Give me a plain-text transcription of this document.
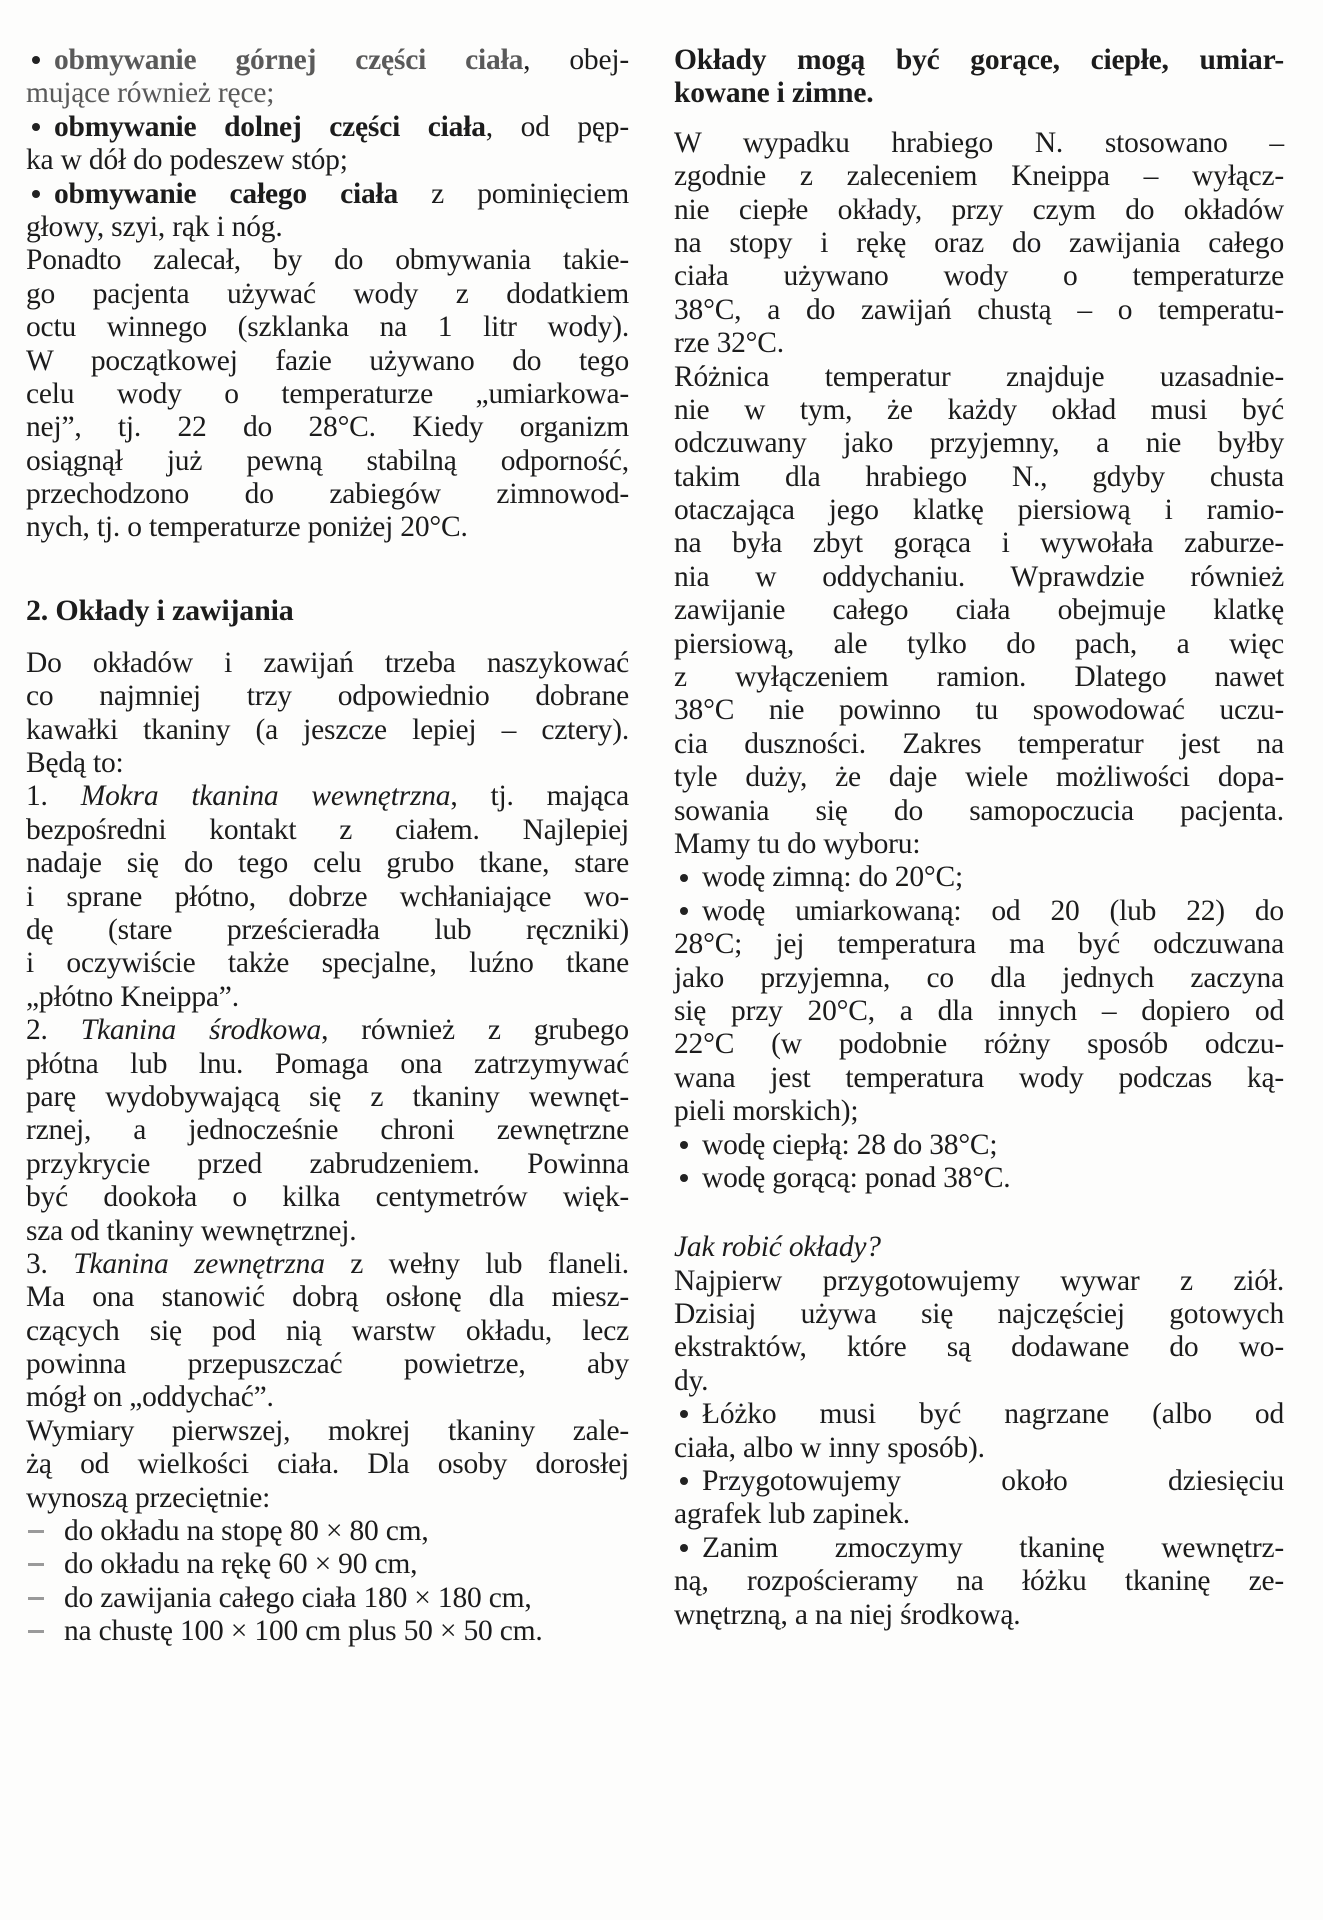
obmywanie górnej części ciała, obej-
mujące również ręce;
obmywanie dolnej części ciała, od pęp-
ka w dół do podeszew stóp;
obmywanie całego ciała z pominięciem
głowy, szyi, rąk i nóg.
Ponadto zalecał, by do obmywania takie-
go pacjenta używać wody z dodatkiem
octu winnego (szklanka na 1 litr wody).
W początkowej fazie używano do tego
celu wody o temperaturze „umiarkowa-
nej”, tj. 22 do 28°C. Kiedy organizm
osiągnął już pewną stabilną odporność,
przechodzono do zabiegów zimnowod-
nych, tj. o temperaturze poniżej 20°C.
2. Okłady i zawijania
Do okładów i zawijań trzeba naszykować
co najmniej trzy odpowiednio dobrane
kawałki tkaniny (a jeszcze lepiej – cztery).
Będą to:
1. Mokra tkanina wewnętrzna, tj. mająca
bezpośredni kontakt z ciałem. Najlepiej
nadaje się do tego celu grubo tkane, stare
i sprane płótno, dobrze wchłaniające wo-
dę (stare prześcieradła lub ręczniki)
i oczywiście także specjalne, luźno tkane
„płótno Kneippa”.
2. Tkanina środkowa, również z grubego
płótna lub lnu. Pomaga ona zatrzymywać
parę wydobywającą się z tkaniny wewnęt-
rznej, a jednocześnie chroni zewnętrzne
przykrycie przed zabrudzeniem. Powinna
być dookoła o kilka centymetrów więk-
sza od tkaniny wewnętrznej.
3. Tkanina zewnętrzna z wełny lub flaneli.
Ma ona stanowić dobrą osłonę dla miesz-
czących się pod nią warstw okładu, lecz
powinna przepuszczać powietrze, aby
mógł on „oddychać”.
Wymiary pierwszej, mokrej tkaniny zale-
żą od wielkości ciała. Dla osoby dorosłej
wynoszą przeciętnie:
do okładu na stopę 80 × 80 cm,
do okładu na rękę 60 × 90 cm,
do zawijania całego ciała 180 × 180 cm,
na chustę 100 × 100 cm plus 50 × 50 cm.
Okłady mogą być gorące, ciepłe, umiar-
kowane i zimne.
W wypadku hrabiego N. stosowano –
zgodnie z zaleceniem Kneippa – wyłącz-
nie ciepłe okłady, przy czym do okładów
na stopy i rękę oraz do zawijania całego
ciała używano wody o temperaturze
38°C, a do zawijań chustą – o temperatu-
rze 32°C.
Różnica temperatur znajduje uzasadnie-
nie w tym, że każdy okład musi być
odczuwany jako przyjemny, a nie byłby
takim dla hrabiego N., gdyby chusta
otaczająca jego klatkę piersiową i ramio-
na była zbyt gorąca i wywołała zaburze-
nia w oddychaniu. Wprawdzie również
zawijanie całego ciała obejmuje klatkę
piersiową, ale tylko do pach, a więc
z wyłączeniem ramion. Dlatego nawet
38°C nie powinno tu spowodować uczu-
cia duszności. Zakres temperatur jest na
tyle duży, że daje wiele możliwości dopa-
sowania się do samopoczucia pacjenta.
Mamy tu do wyboru:
wodę zimną: do 20°C;
wodę umiarkowaną: od 20 (lub 22) do
28°C; jej temperatura ma być odczuwana
jako przyjemna, co dla jednych zaczyna
się przy 20°C, a dla innych – dopiero od
22°C (w podobnie różny sposób odczu-
wana jest temperatura wody podczas ką-
pieli morskich);
wodę ciepłą: 28 do 38°C;
wodę gorącą: ponad 38°C.
Jak robić okłady?
Najpierw przygotowujemy wywar z ziół.
Dzisiaj używa się najczęściej gotowych
ekstraktów, które są dodawane do wo-
dy.
Łóżko musi być nagrzane (albo od
ciała, albo w inny sposób).
Przygotowujemy około dziesięciu
agrafek lub zapinek.
Zanim zmoczymy tkaninę wewnętrz-
ną, rozpościeramy na łóżku tkaninę ze-
wnętrzną, a na niej środkową.
